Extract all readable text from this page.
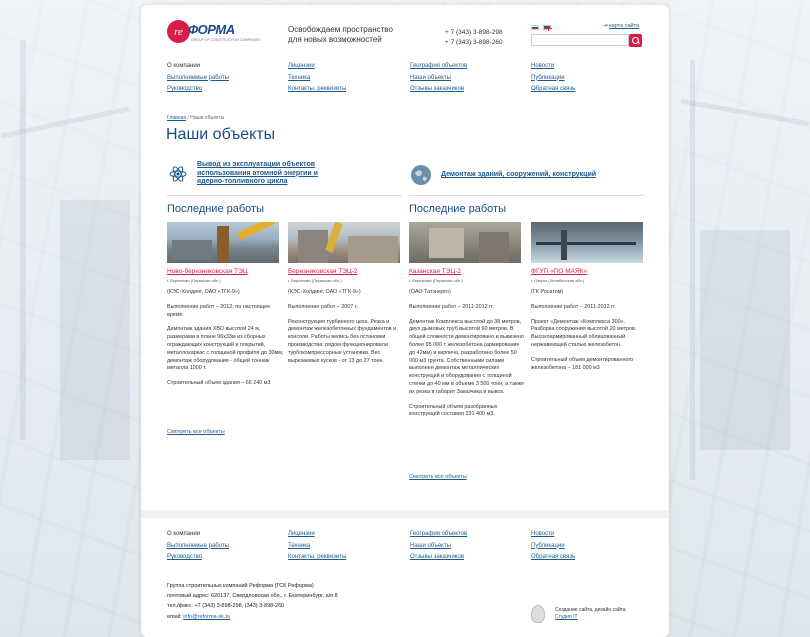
re ФОРМА
GROUP OF CONSTRUCTION COMPANIES
Освобождаем пространство
для новых возможностей
+ 7 (343) 3-898-298
+ 7 (343) 3-898-260
⇥ карта сайта
О компании
Выполняемые работы
Руководство
Лицензии
Техника
Контакты, реквизиты
География объектов
Наши объекты
Отзывы заказчиков
Новости
Публикации
Обратная связь
Главная / Наши объекты
Наши объекты
Вывод из эксплуатации объектов использования атомной энергии и ядерно-топливного цикла
Демонтаж зданий, сооружений, конструкций
Последние работы	Последние работы
Ново-березниковская ТЭЦ
г. Березники (Пермская обл.)

(КЭС-Холдинг, ОАО «ТГК-9»)

Выполнение работ – 2012, по настоящее время

Демонтаж здания ХВО высотой 24 м, размерами в плане 96х33м из сборных ограждающих конструкций и покрытий, металлокаркас с толщиной профиля до 30мм, демонтаж оборудования - общей тоннаж металла 1000 т.

Строительный объем здания – 66 240 м3

Смотреть все объекты
Березниковская ТЭЦ-2
г. Березники (Пермская обл.)

(КЭС-Холдинг, ОАО «ТГК-9»)

Выполнение работ – 2007 г.

Реконструкция турбинного цеха. Резка и демонтаж железобетонных фундаментов и консоли. Работы велись без остановки производства: рядом функционировали турбокомпрессорные установки. Вес вырезаемых кусков - от 13 до 27 тонн.

Казанская ТЭЦ-2
г. Березники (Пермская обл.)

(ОАО Татэнерго)

Выполнение работ – 2011-2012 гг.

Демонтаж Комплекса высотой до 38 метров, двух дымовых труб высотой 60 метров. В общей сложности демонтировано и вывезено более 95 000 т железобетона (армирование до 42мм) и кирпича, разработано более 50 000 м3 грунта. Собственными силами выполнен демонтаж металлических конструкций и оборудования с толщиной стенки до 40 мм в объеме 3 500 тонн, а также их резка в габарит Заказчика и вывоз.

Строительный объем разобранных конструкций составил 231 400 м3.

Смотреть все объекты
ФГУП «ПО МАЯК»
г. Озерск (Челябинская обл.)

(ГК Росатом)

Выполнение работ – 2011-2012 гг.

Проект «Демонтаж «Комплекса 300». Разборка сооружения высотой 20 метров. Высокоармированный облицованный нержавеющей сталью железобетон.

Строительный объем демонтированного железобетона – 181 000 м3

О компании
Выполняемые работы
Руководство
Лицензии
Техника
Контакты, реквизиты
География объектов
Наши объекты
Отзывы заказчиков
Новости
Публикации
Обратная связь
Группа строительных компаний Реформа (ГСК Реформа)
почтовый адрес: 620137, Свердловская обл., г. Екатеринбург, а/я 8
тел./факс: +7 (343) 3-898-298, (343) 3-898-260
email: info@reforma-sk.ru
Создание сайта, дизайн сайта
Студия IT
